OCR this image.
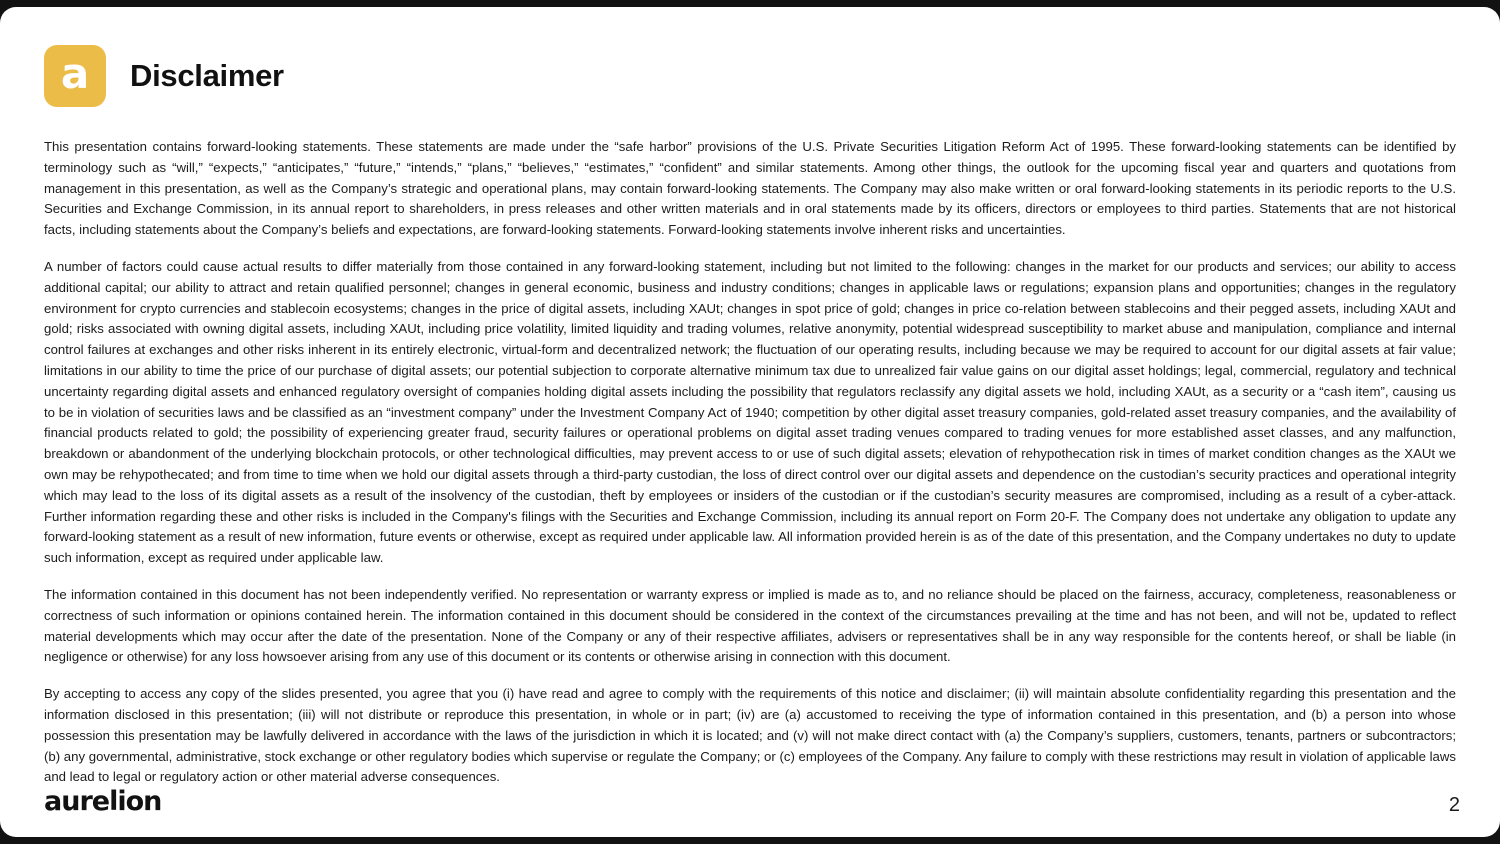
a Disclaimer

This presentation contains forward-looking statements. These statements are made under the “safe harbor” provisions of the U.S. Private Securities Litigation Reform Act of 1995. These forward-looking statements can be identified by terminology such as “will,” “expects,” “anticipates,” “future,” “intends,” “plans,” “believes,” “estimates,” “confident” and similar statements. Among other things, the outlook for the upcoming fiscal year and quarters and quotations from management in this presentation, as well as the Company’s strategic and operational plans, may contain forward-looking statements. The Company may also make written or oral forward-looking statements in its periodic reports to the U.S. Securities and Exchange Commission, in its annual report to shareholders, in press releases and other written materials and in oral statements made by its officers, directors or employees to third parties. Statements that are not historical facts, including statements about the Company’s beliefs and expectations, are forward-looking statements. Forward-looking statements involve inherent risks and uncertainties.

A number of factors could cause actual results to differ materially from those contained in any forward-looking statement, including but not limited to the following: changes in the market for our products and services; our ability to access additional capital; our ability to attract and retain qualified personnel; changes in general economic, business and industry conditions; changes in applicable laws or regulations; expansion plans and opportunities; changes in the regulatory environment for crypto currencies and stablecoin ecosystems; changes in the price of digital assets, including XAUt; changes in spot price of gold; changes in price co-relation between stablecoins and their pegged assets, including XAUt and gold; risks associated with owning digital assets, including XAUt, including price volatility, limited liquidity and trading volumes, relative anonymity, potential widespread susceptibility to market abuse and manipulation, compliance and internal control failures at exchanges and other risks inherent in its entirely electronic, virtual-form and decentralized network; the fluctuation of our operating results, including because we may be required to account for our digital assets at fair value; limitations in our ability to time the price of our purchase of digital assets; our potential subjection to corporate alternative minimum tax due to unrealized fair value gains on our digital asset holdings; legal, commercial, regulatory and technical uncertainty regarding digital assets and enhanced regulatory oversight of companies holding digital assets including the possibility that regulators reclassify any digital assets we hold, including XAUt, as a security or a “cash item”, causing us to be in violation of securities laws and be classified as an “investment company” under the Investment Company Act of 1940; competition by other digital asset treasury companies, gold-related asset treasury companies, and the availability of financial products related to gold; the possibility of experiencing greater fraud, security failures or operational problems on digital asset trading venues compared to trading venues for more established asset classes, and any malfunction, breakdown or abandonment of the underlying blockchain protocols, or other technological difficulties, may prevent access to or use of such digital assets; elevation of rehypothecation risk in times of market condition changes as the XAUt we own may be rehypothecated; and from time to time when we hold our digital assets through a third-party custodian, the loss of direct control over our digital assets and dependence on the custodian’s security practices and operational integrity which may lead to the loss of its digital assets as a result of the insolvency of the custodian, theft by employees or insiders of the custodian or if the custodian’s security measures are compromised, including as a result of a cyber-attack. Further information regarding these and other risks is included in the Company's filings with the Securities and Exchange Commission, including its annual report on Form 20-F. The Company does not undertake any obligation to update any forward-looking statement as a result of new information, future events or otherwise, except as required under applicable law. All information provided herein is as of the date of this presentation, and the Company undertakes no duty to update such information, except as required under applicable law.

The information contained in this document has not been independently verified. No representation or warranty express or implied is made as to, and no reliance should be placed on the fairness, accuracy, completeness, reasonableness or correctness of such information or opinions contained herein. The information contained in this document should be considered in the context of the circumstances prevailing at the time and has not been, and will not be, updated to reflect material developments which may occur after the date of the presentation. None of the Company or any of their respective affiliates, advisers or representatives shall be in any way responsible for the contents hereof, or shall be liable (in negligence or otherwise) for any loss howsoever arising from any use of this document or its contents or otherwise arising in connection with this document.

By accepting to access any copy of the slides presented, you agree that you (i) have read and agree to comply with the requirements of this notice and disclaimer; (ii) will maintain absolute confidentiality regarding this presentation and the information disclosed in this presentation; (iii) will not distribute or reproduce this presentation, in whole or in part; (iv) are (a) accustomed to receiving the type of information contained in this presentation, and (b) a person into whose possession this presentation may be lawfully delivered in accordance with the laws of the jurisdiction in which it is located; and (v) will not make direct contact with (a) the Company’s suppliers, customers, tenants, partners or subcontractors; (b) any governmental, administrative, stock exchange or other regulatory bodies which supervise or regulate the Company; or (c) employees of the Company. Any failure to comply with these restrictions may result in violation of applicable laws and lead to legal or regulatory action or other material adverse consequences.

aurelion	2
